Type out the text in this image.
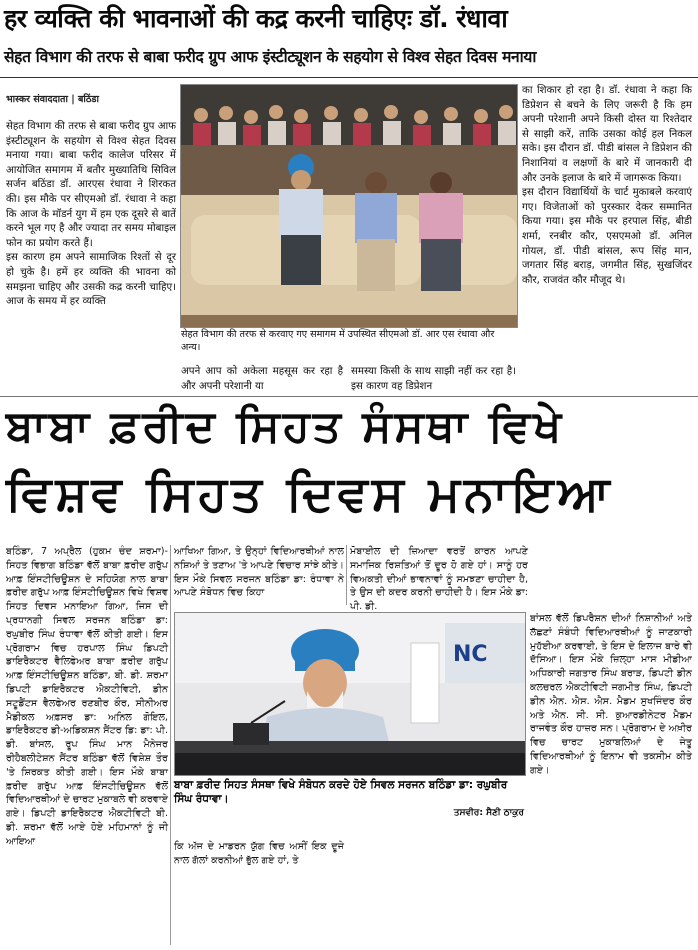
हर व्यक्ति की भावनाओं की कद्र करनी चाहिएः डॉ. रंधावा
सेहत विभाग की तरफ से बाबा फरीद ग्रुप आफ इंस्टीट्यूशन के सहयोग से विश्व सेहत दिवस मनाया
भास्कर संवाददाता | बठिंडा
सेहत विभाग की तरफ से बाबा फरीद ग्रुप आफ इंस्टीट्यूशन के सहयोग से विश्व सेहत दिवस मनाया गया। बाबा फरीद कालेज परिसर में आयोजित समागम में बतौर मुख्यातिथि सिविल सर्जन बठिंडा डॉ. आरएस रंधावा ने शिरकत की। इस मौके पर सीएमओ डॉ. रंधावा ने कहा कि आज के मॉडर्न युग में हम एक दूसरे से बातें करने भूल गए है और ज्यादा तर समय मोबाइल फोन का प्रयोग करते हैं।
इस कारण हम अपने सामाजिक रिश्तों से दूर हो चुके है। हमें हर व्यक्ति की भावना को समझना चाहिए और उसकी कद्र करनी चाहिए। आज के समय में हर व्यक्ति
सेहत विभाग की तरफ से करवाए गए समागम में उपस्थित सीएमओ डॉ. आर एस रंधावा और अन्य।
अपने आप को अकेला महसूस कर रहा है और अपनी परेशानी या
समस्या किसी के साथ साझी नहीं कर रहा है। इस कारण वह डिप्रेशन
का शिकार हो रहा है। डॉ. रंधावा ने कहा कि डिप्रेशन से बचने के लिए जरूरी है कि हम अपनी परेशानी अपने किसी दोस्त या रिश्तेदार से साझी करें, ताकि उसका कोई हल निकल सके। इस दौरान डॉ. पीडी बांसल ने डिप्रेशन की निशानियां व लक्षणों के बारे में जानकारी दी और उनके इलाज के बारे में जागरूक किया।
इस दौरान विद्यार्थियों के चार्ट मुकाबले करवाएं गए। विजेताओं को पुरस्कार देकर सम्मानित किया गया। इस मौके पर हरपाल सिंह, बीडी शर्मा, रनबीर कौर, एसएमओ डॉ. अनिल गोयल, डॉ. पीडी बांसल, रूप सिंह मान, जगतार सिंह बराड़, जगमीत सिंह, सुखजिंदर कौर, राजवंत कौर मौजूद थे।
ਬਾਬਾ ਫ਼ਰੀਦ ਸਿਹਤ ਸੰਸਥਾ ਵਿਖੇ
ਵਿਸ਼ਵ ਸਿਹਤ ਦਿਵਸ ਮਨਾਇਆ
ਬਠਿੰਡਾ, 7 ਅਪ੍ਰੈਲ (ਹੁਕਮ ਚੰਦ ਸ਼ਰਮਾ)- ਸਿਹਤ ਵਿਭਾਗ ਬਠਿੰਡਾ ਵੱਲੋਂ ਬਾਬਾ ਫ਼ਰੀਦ ਗਰੁੱਪ ਆਫ਼ ਇੰਸਟੀਚਿਊਸ਼ਨ ਦੇ ਸਹਿਯੋਗ ਨਾਲ ਬਾਬਾ ਫ਼ਰੀਦ ਗਰੁੱਪ ਆਫ਼ ਇੰਸਟੀਚਿਊਸ਼ਨ ਵਿਖੇ ਵਿਸ਼ਵ ਸਿਹਤ ਦਿਵਸ ਮਨਾਇਆ ਗਿਆ, ਜਿਸ ਦੀ ਪ੍ਰਧਾਨਗੀ ਸਿਵਲ ਸਰਜਨ ਬਠਿੰਡਾ ਡਾ: ਰਘੁਬੀਰ ਸਿੰਘ ਰੰਧਾਵਾ ਵੱਲੋਂ ਕੀਤੀ ਗਈ। ਇਸ ਪ੍ਰੋਗਰਾਮ ਵਿਚ ਹਰਪਾਲ ਸਿੰਘ ਡਿਪਟੀ ਡਾਇਰੈਕਟਰ ਵੈਲਿਫੇਅਰ ਬਾਬਾ ਫ਼ਰੀਦ ਗਰੁੱਪ ਆਫ਼ ਇੰਸਟੀਚਿਊਸ਼ਨ ਬਠਿੰਡਾ, ਬੀ. ਡੀ. ਸ਼ਰਮਾ ਡਿਪਟੀ ਡਾਇਰੈਕਟਰ ਐਕਟੀਵਿਟੀ, ਡੀਨ ਸਟੂਡੈਂਟਸ ਵੈਲਫੇਅਰ ਰਣਬੀਰ ਕੌਰ, ਸੀਨੀਅਰ ਮੈਡੀਕਲ ਅਫ਼ਸਰ ਡਾ: ਅਨਿਲ ਗੋਇਲ, ਡਾਇਰੈਕਟਰ ਡੀ-ਅਡਿਕਸ਼ਨ ਸੈਂਟਰ ਡਿ: ਡਾ: ਪੀ. ਡੀ. ਬਾਂਸਲ, ਰੂਪ ਸਿੰਘ ਮਾਨ ਮੈਨੇਜਰ ਰੀਹੈਬਲੀਟੇਸ਼ਨ ਸੈਂਟਰ ਬਠਿੰਡਾ ਵੱਲੋਂ ਵਿਸ਼ੇਸ਼ ਤੌਰ 'ਤੇ ਸ਼ਿਰਕਤ ਕੀਤੀ ਗਈ। ਇਸ ਮੌਕੇ ਬਾਬਾ ਫ਼ਰੀਦ ਗਰੁੱਪ ਆਫ਼ ਇੰਸਟੀਚਿਊਸ਼ਨ ਵੱਲੋਂ ਵਿਦਿਆਰਥੀਆਂ ਦੇ ਚਾਰਟ ਮੁਕਾਬਲੇ ਵੀ ਕਰਵਾਏ ਗਏ। ਡਿਪਟੀ ਡਾਇਰੈਕਟਰ ਐਕਟੀਵਿਟੀ ਬੀ. ਡੀ. ਸ਼ਰਮਾ ਵੱਲੋਂ ਆਏ ਹੋਏ ਮਹਿਮਾਨਾਂ ਨੂੰ ਜੀ ਆਇਆ
ਆਖਿਆ ਗਿਆ, ਤੇ ਉਨ੍ਹਾਂ ਵਿਦਿਆਰਥੀਆਂ ਨਾਲ ਨਸ਼ਿਆਂ ਤੇ ਤਣਾਅ 'ਤੇ ਆਪਣੇ ਵਿਚਾਰ ਸਾਂਝੇ ਕੀਤੇ। ਇਸ ਮੌਕੇ ਸਿਵਲ ਸਰਜਨ ਬਠਿੰਡਾ ਡਾ: ਰੰਧਾਵਾ ਨੇ ਆਪਣੇ ਸੰਬੋਧਨ ਵਿਚ ਕਿਹਾ
ਮੋਬਾਈਲ ਦੀ ਜ਼ਿਆਦਾ ਵਰਤੋਂ ਕਾਰਨ ਆਪਣੇ ਸਮਾਜਿਕ ਰਿਸ਼ਤਿਆਂ ਤੋਂ ਦੂਰ ਹੋ ਗਏ ਹਾਂ। ਸਾਨੂੰ ਹਰ ਵਿਅਕਤੀ ਦੀਆਂ ਭਾਵਨਾਵਾਂ ਨੂੰ ਸਮਝਣਾ ਚਾਹੀਦਾ ਹੈ, ਤੇ ਉਸ ਦੀ ਕਦਰ ਕਰਨੀ ਚਾਹੀਦੀ ਹੈ। ਇਸ ਮੌਕੇ ਡਾ: ਪੀ. ਡੀ.
NC
ਬਾਬਾ ਫ਼ਰੀਦ ਸਿਹਤ ਸੰਸਥਾ ਵਿਖੇ ਸੰਬੋਧਨ ਕਰਦੇ ਹੋਏ ਸਿਵਲ ਸਰਜਨ ਬਠਿੰਡਾ ਡਾ: ਰਘੁਬੀਰ ਸਿੰਘ ਰੰਧਾਵਾ।
ਤਸਵੀਰ: ਸੈਣੀ ਠਾਕੁਰ
ਕਿ ਅੱਜ ਦੇ ਮਾਡਰਨ ਯੁੱਗ ਵਿਚ ਅਸੀਂ ਇਕ ਦੂਜੇ ਨਾਲ ਗੱਲਾਂ ਕਰਨੀਆਂ ਭੁੱਲ ਗਏ ਹਾਂ, ਤੇ
ਬਾਂਸਲ ਵੱਲੋਂ ਡਿਪਰੈਸ਼ਨ ਦੀਆਂ ਨਿਸ਼ਾਨੀਆਂ ਅਤੇ ਲੱਛਣਾਂ ਸੰਬੰਧੀ ਵਿਦਿਆਰਥੀਆਂ ਨੂੰ ਜਾਣਕਾਰੀ ਮੁਹੱਈਆ ਕਰਵਾਈ, ਤੇ ਇਸ ਦੇ ਇਲਾਜ ਬਾਰੇ ਵੀ ਦੱਸਿਆ। ਇਸ ਮੌਕੇ ਜ਼ਿਲ੍ਹਾ ਮਾਸ ਮੀਡੀਆ ਅਧਿਕਾਰੀ ਜਗਤਾਰ ਸਿੰਘ ਬਰਾੜ, ਡਿਪਟੀ ਡੀਨ ਕਲਚਰਲ ਐਕਟੀਵਿਟੀ ਜਗਮੀਤ ਸਿੰਘ, ਡਿਪਟੀ ਡੀਨ ਐਨ. ਐਸ. ਐਸ. ਮੈਡਮ ਸੁਖਜਿੰਦਰ ਕੌਰ ਅਤੇ ਐਨ. ਸੀ. ਸੀ. ਕੁਆਰਡੀਨੇਟਰ ਮੈਡਮ ਰਾਜਵੰਤ ਕੌਰ ਹਾਜ਼ਰ ਸਨ। ਪ੍ਰੋਗਰਾਮ ਦੇ ਅਖ਼ੀਰ ਵਿਚ ਚਾਰਟ ਮੁਕਾਬਲਿਆਂ ਦੇ ਜੇਤੂ ਵਿਦਿਆਰਥੀਆਂ ਨੂੰ ਇਨਾਮ ਵੀ ਤਕਸੀਮ ਕੀਤੇ ਗਏ।
